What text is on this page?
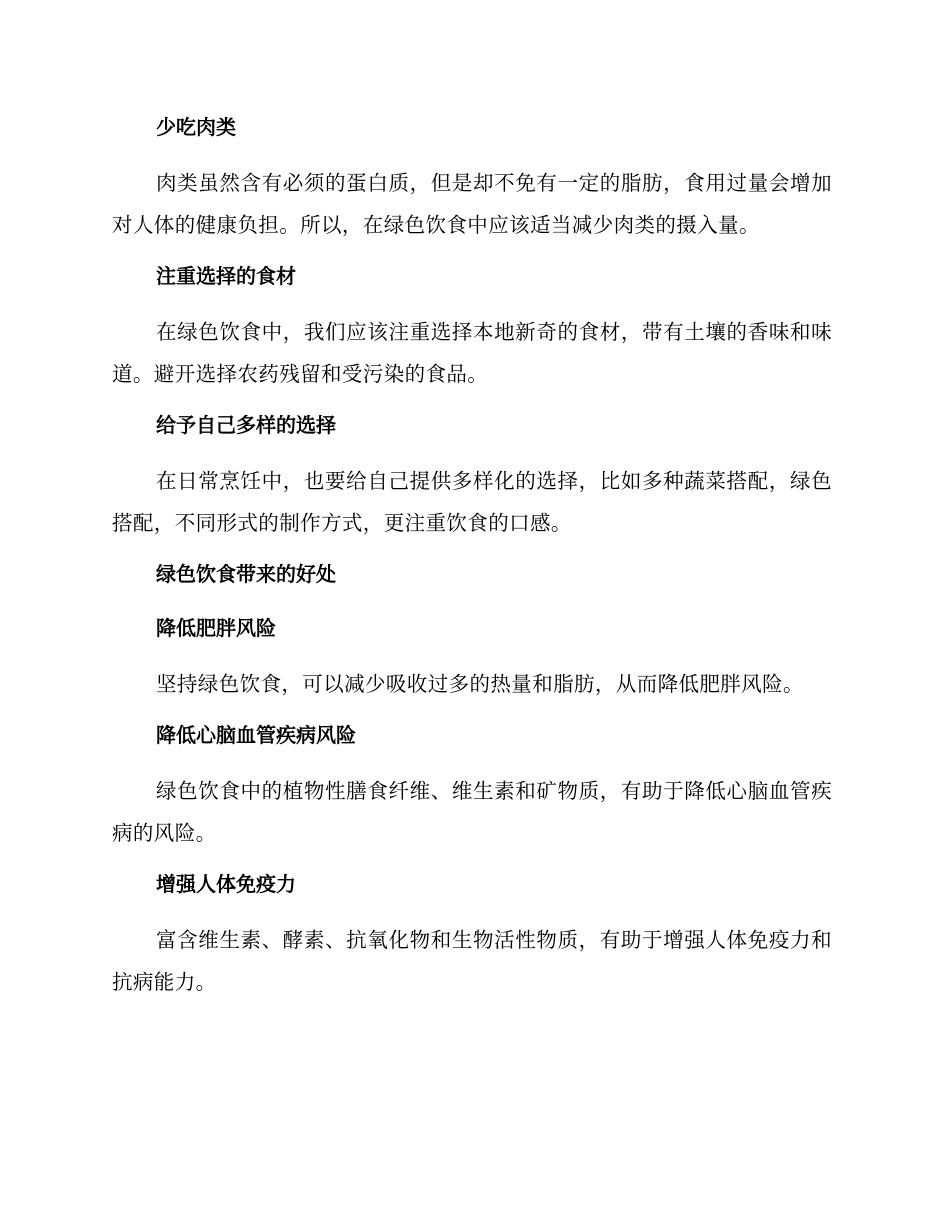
少吃肉类

肉类虽然含有必须的蛋白质，但是却不免有一定的脂肪，食用过量会增加对人体的健康负担。所以，在绿色饮食中应该适当减少肉类的摄入量。

注重选择的食材

在绿色饮食中，我们应该注重选择本地新奇的食材，带有土壤的香味和味道。避开选择农药残留和受污染的食品。

给予自己多样的选择

在日常烹饪中，也要给自己提供多样化的选择，比如多种蔬菜搭配，绿色搭配，不同形式的制作方式，更注重饮食的口感。

绿色饮食带来的好处
降低肥胖风险

坚持绿色饮食，可以减少吸收过多的热量和脂肪，从而降低肥胖风险。

降低心脑血管疾病风险

绿色饮食中的植物性膳食纤维、维生素和矿物质，有助于降低心脑血管疾病的风险。

增强人体免疫力

富含维生素、酵素、抗氧化物和生物活性物质，有助于增强人体免疫力和抗病能力。
